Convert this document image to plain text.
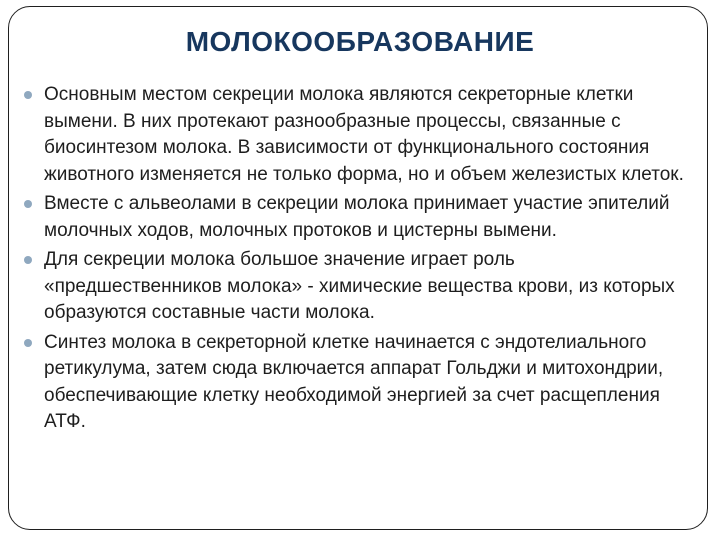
МОЛОКООБРАЗОВАНИЕ
Основным местом секреции молока являются секреторные клетки вымени. В них протекают разнообразные процессы, связанные с биосинтезом молока. В зависимости от функционального состояния животного изменяется не только форма, но и объем железистых клеток.
Вместе с альвеолами в секреции молока принимает участие эпителий молочных ходов, молочных протоков и цистерны вымени.
Для секреции молока большое значение играет роль «предшественников молока» - химические вещества крови, из которых образуются составные части молока.
Синтез молока в секреторной клетке начинается с эндотелиального ретикулума, затем сюда включается аппарат Гольджи и митохондрии, обеспечивающие клетку необходимой энергией за счет расщепления АТФ.
